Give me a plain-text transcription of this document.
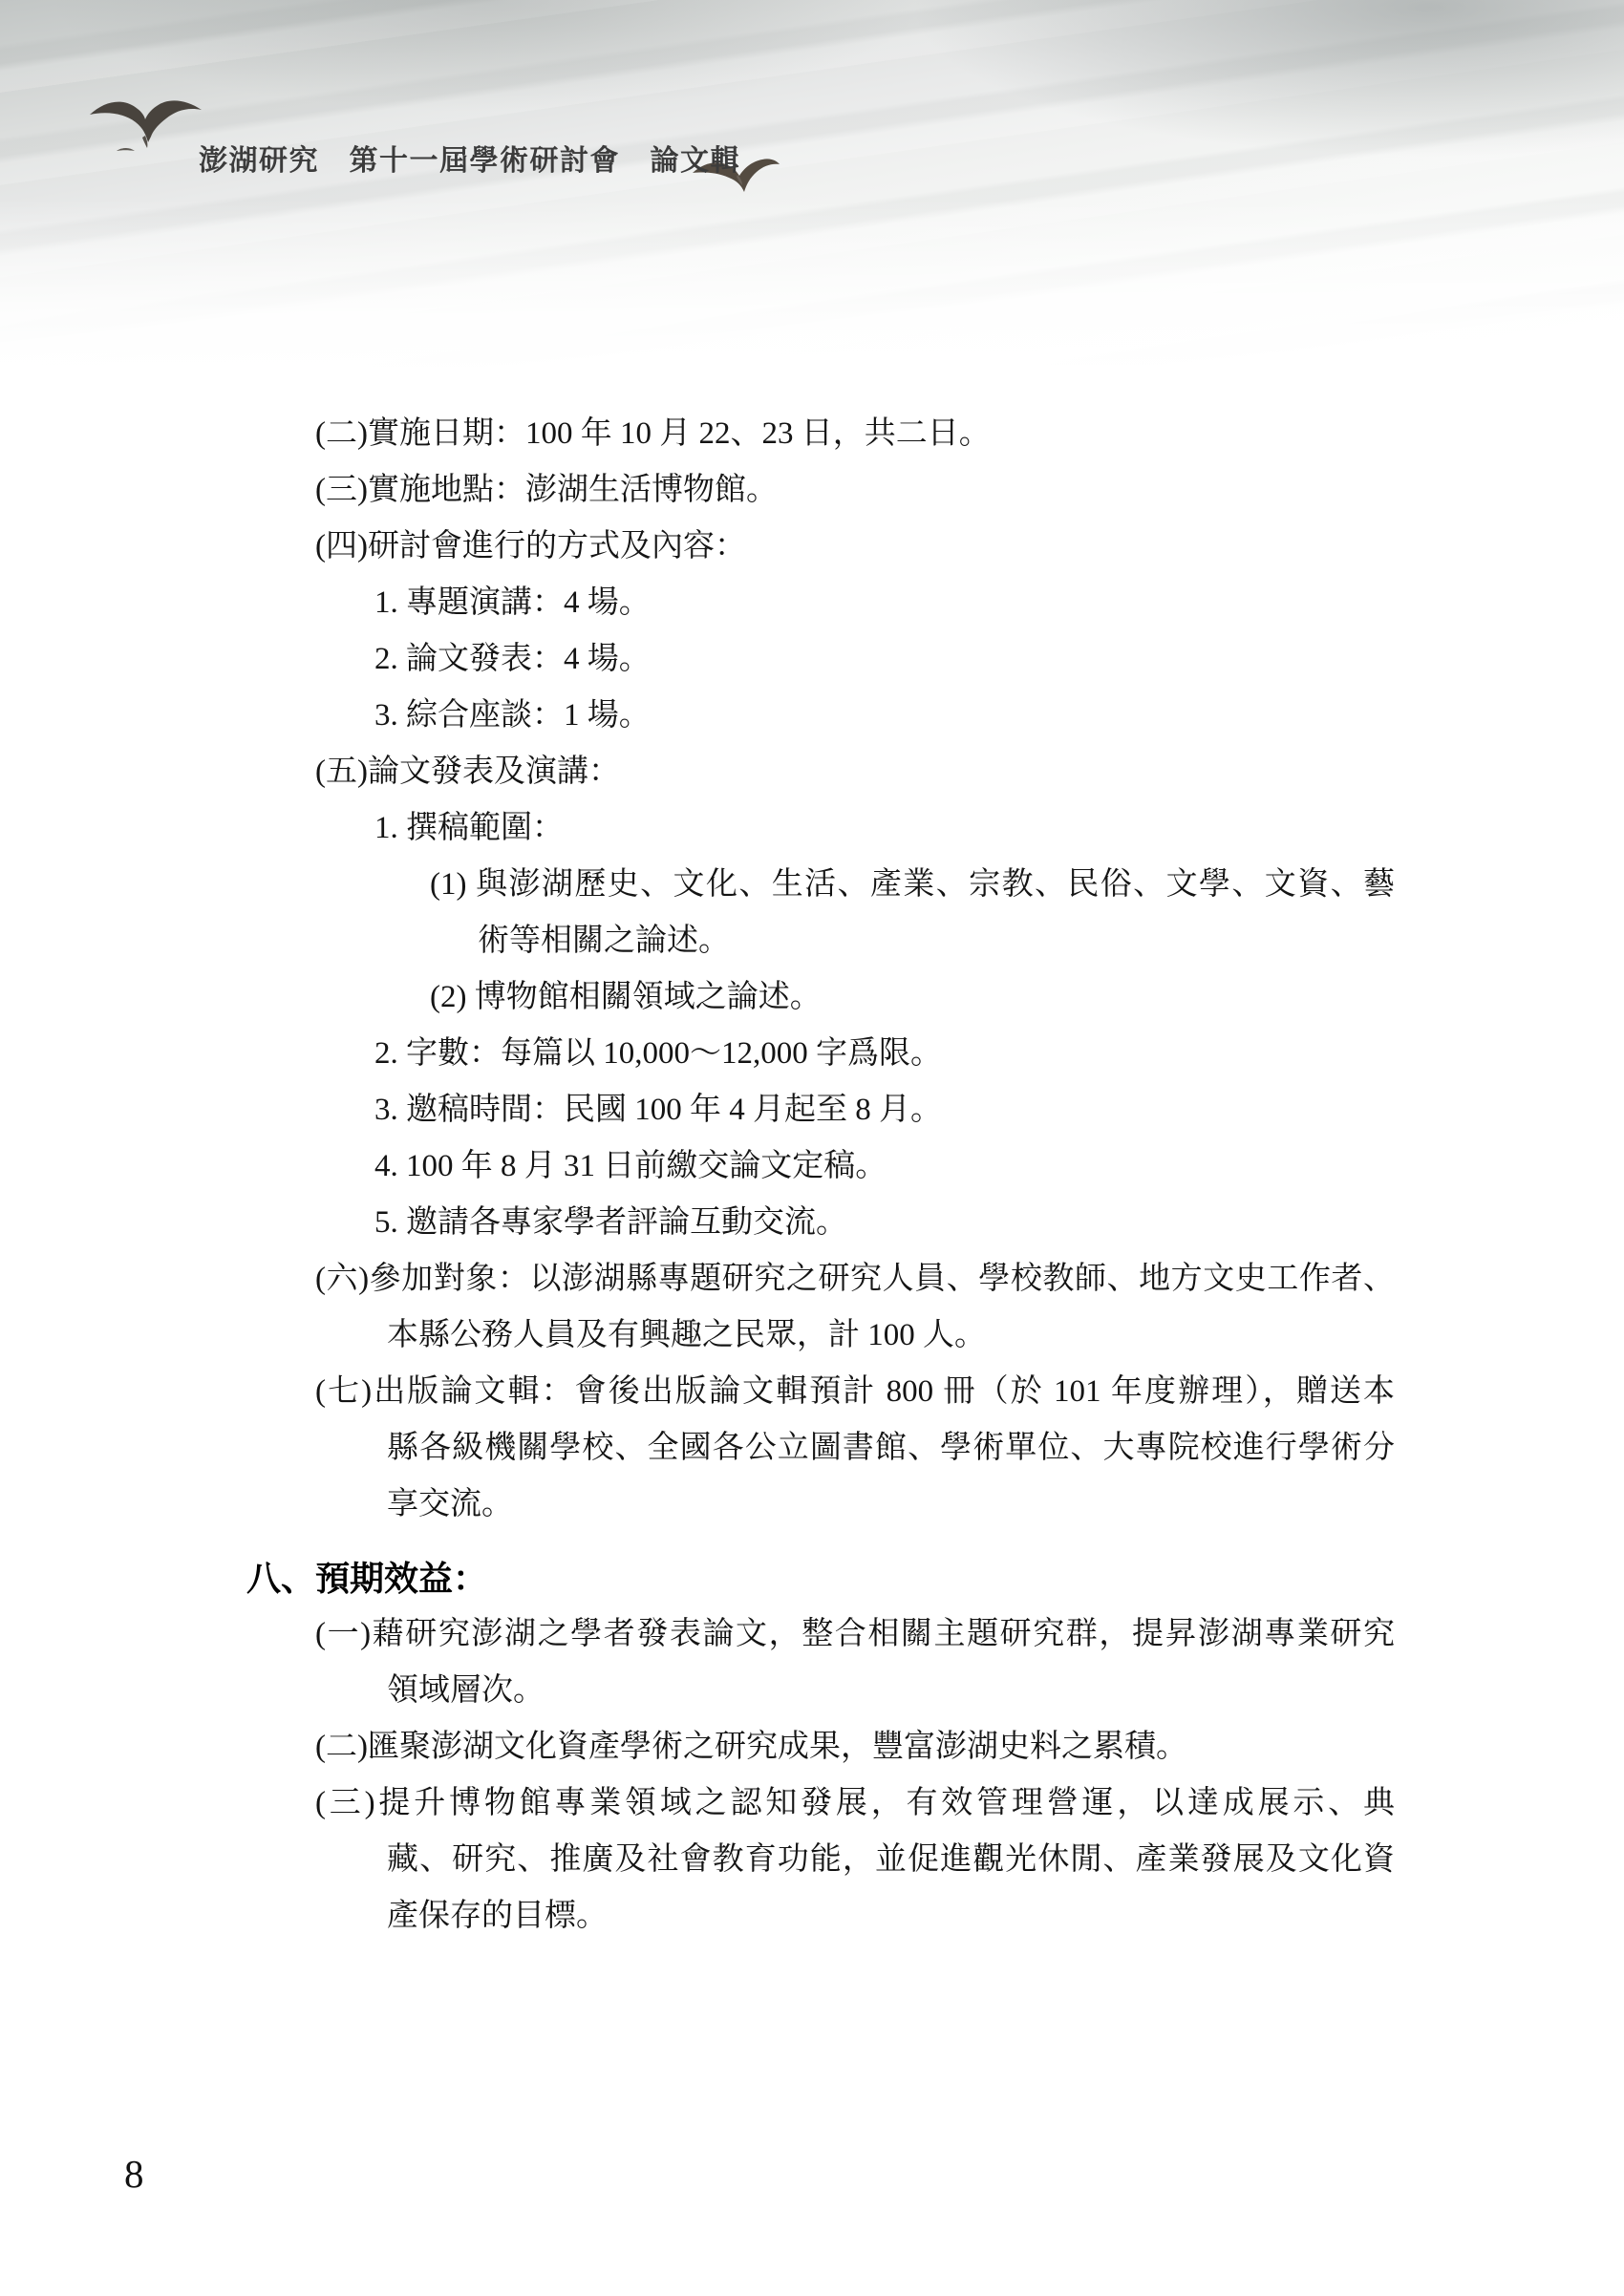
澎湖研究　第十一屆學術研討會　論文輯
(二)實施日期：100 年 10 月 22、23 日，共二日。
(三)實施地點：澎湖生活博物館。
(四)研討會進行的方式及內容：
1. 專題演講：4 場。
2. 論文發表：4 場。
3. 綜合座談：1 場。
(五)論文發表及演講：
1. 撰稿範圍：
(1) 與澎湖歷史、文化、生活、產業、宗教、民俗、文學、文資、藝
術等相關之論述。
(2) 博物館相關領域之論述。
2. 字數：每篇以 10,000～12,000 字爲限。
3. 邀稿時間：民國 100 年 4 月起至 8 月。
4. 100 年 8 月 31 日前繳交論文定稿。
5. 邀請各專家學者評論互動交流。
(六)參加對象：以澎湖縣專題研究之研究人員、學校教師、地方文史工作者、
本縣公務人員及有興趣之民眾，計 100 人。
(七)出版論文輯：會後出版論文輯預計 800 冊（於 101 年度辦理），贈送本
縣各級機關學校、全國各公立圖書館、學術單位、大專院校進行學術分
享交流。
八、預期效益：
(一)藉研究澎湖之學者發表論文，整合相關主題研究群，提昇澎湖專業研究
領域層次。
(二)匯聚澎湖文化資產學術之研究成果，豐富澎湖史料之累積。
(三)提升博物館專業領域之認知發展，有效管理營運，以達成展示、典
藏、研究、推廣及社會教育功能，並促進觀光休閒、產業發展及文化資
產保存的目標。
8
